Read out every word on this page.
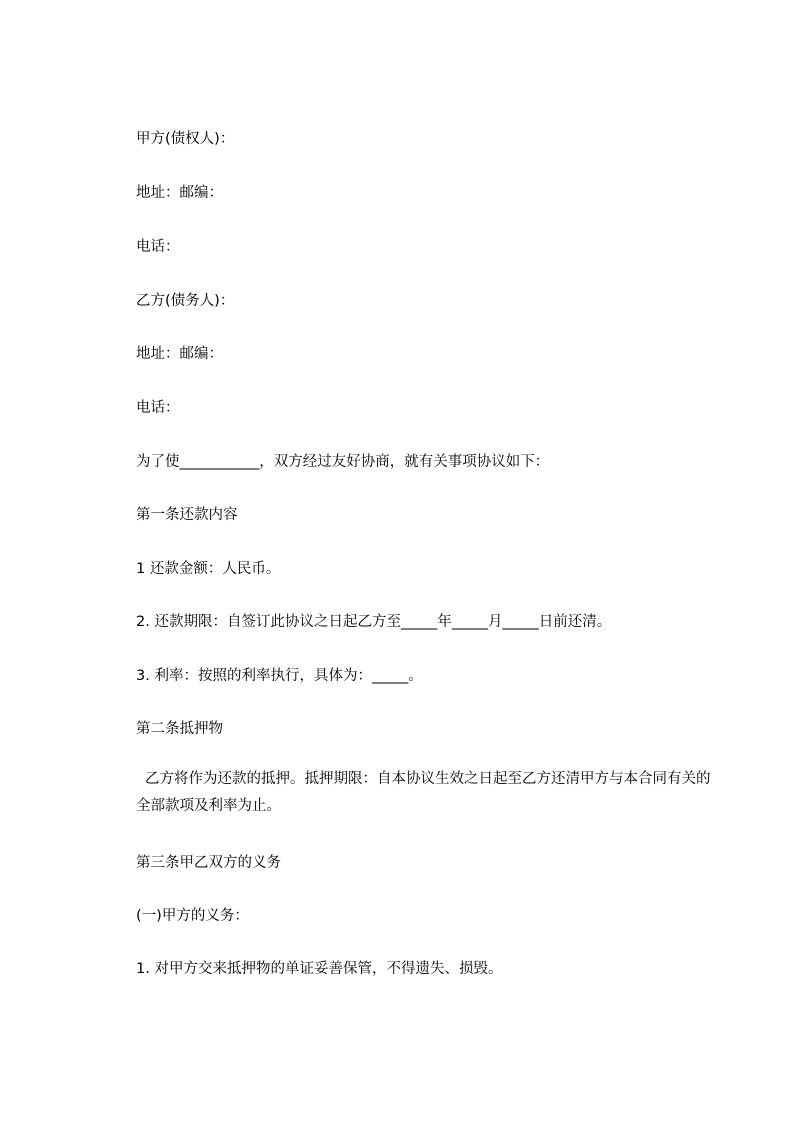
甲方(债权人)：
地址：邮编：
电话：
乙方(债务人)：
地址：邮编：
电话：
为了使___________，双方经过友好协商，就有关事项协议如下：
第一条还款内容
1 还款金额：人民币。
2. 还款期限：自签订此协议之日起乙方至_____年_____月_____日前还清。
3. 利率：按照的利率执行，具体为：_____。
第二条抵押物
乙方将作为还款的抵押。抵押期限：自本协议生效之日起至乙方还清甲方与本合同有关的全部款项及利率为止。
第三条甲乙双方的义务
(一)甲方的义务：
1. 对甲方交来抵押物的单证妥善保管，不得遗失、损毁。
